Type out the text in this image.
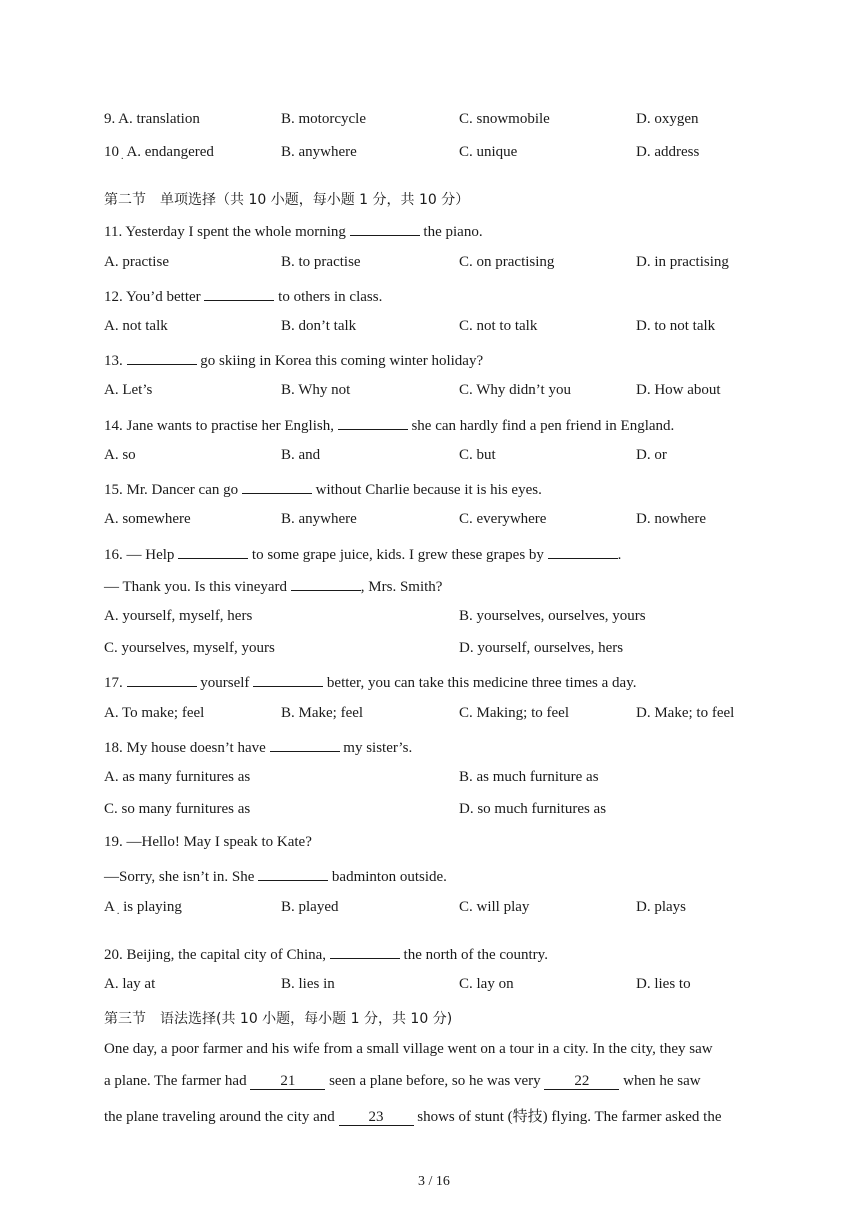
9. A. translation	B. motorcycle	C. snowmobile	D. oxygen
10 $_.$ A. endangered	B. anywhere	C. unique	D. address
第二节　单项选择（共 10 小题，每小题 1 分，共 10 分）
11. Yesterday I spent the whole morning	the piano.
A. practise	B. to practise	C. on practising	D. in practising
12. You’d better	to others in class.
A. not talk	B. don’t talk	C. not to talk	D. to not talk
13.	go skiing in Korea this coming winter holiday?
A. Let’s	B. Why not	C. Why didn’t you	D. How about
14. Jane wants to practise her English,	she can hardly find a pen friend in England.
A. so	B. and	C. but	D. or
15. Mr. Dancer can go	without Charlie because it is his eyes.
A. somewhere	B. anywhere	C. everywhere	D. nowhere
16. — Help	to some grape juice, kids. I grew these grapes by	.
— Thank you. Is this vineyard	, Mrs. Smith?
A. yourself, myself, hers	B. yourselves, ourselves, yours
C. yourselves, myself, yours	D. yourself, ourselves, hers
17.	yourself	better, you can take this medicine three times a day.
A. To make; feel	B. Make; feel	C. Making; to feel	D. Make; to feel
18. My house doesn’t have	my sister’s.
A. as many furnitures as	B. as much furniture as
C. so many furnitures as	D. so much furnitures as
19. —Hello! May I speak to Kate?
—Sorry, she isn’t in. She	badminton outside.
A $_.$ is playing	B. played	C. will play	D. plays
20. Beijing, the capital city of China,	the north of the country.
A. lay at	B. lies in	C. lay on	D. lies to
第三节　语法选择(共 10 小题，每小题 1 分，共 10 分)
One day, a poor farmer and his wife from a small village went on a tour in a city. In the city, they saw
a plane. The farmer had 21 seen a plane before, so he was very 22 when he saw
the plane traveling around the city and 23 shows of stunt (特技) flying. The farmer asked the
3 / 16
